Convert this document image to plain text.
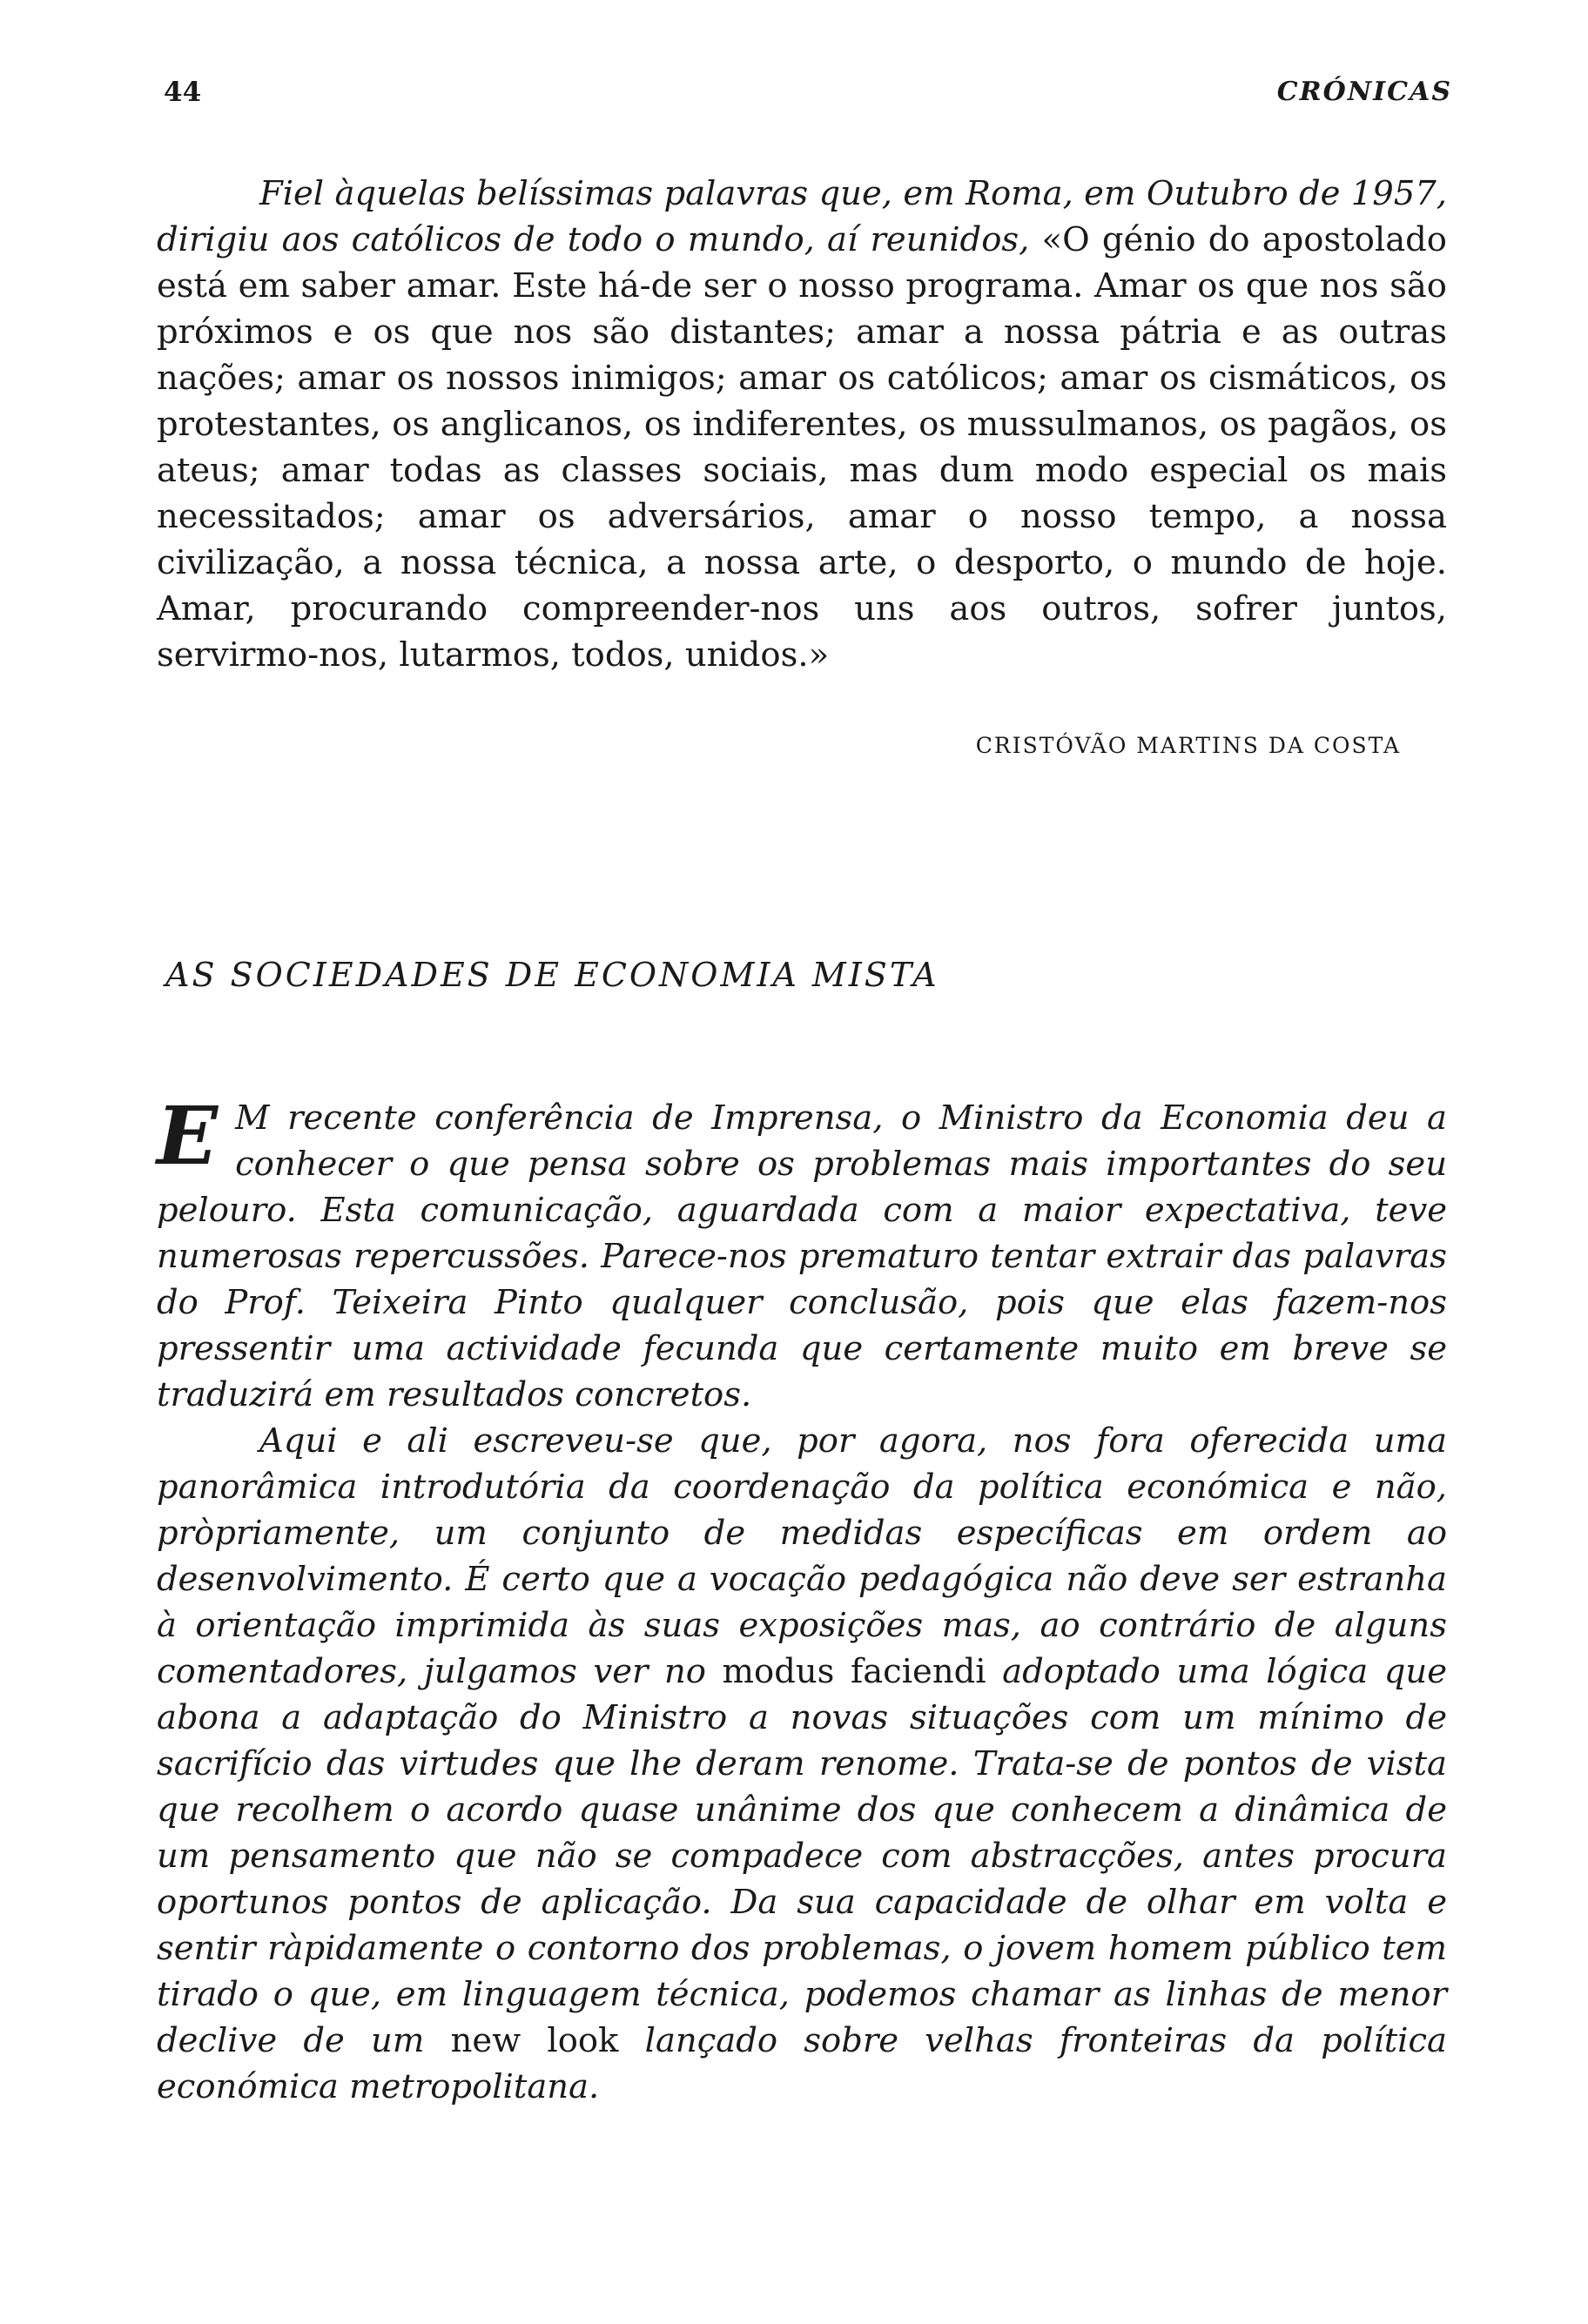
44	CRÓNICAS

Fiel àquelas belíssimas palavras que, em Roma, em Outubro de 1957, dirigiu aos católicos de todo o mundo, aí reunidos, «O génio do apostolado está em saber amar. Este há-de ser o nosso programa. Amar os que nos são próximos e os que nos são distantes; amar a nossa pátria e as outras nações; amar os nossos inimigos; amar os católicos; amar os cismáticos, os protestantes, os anglicanos, os indiferentes, os mussulmanos, os pagãos, os ateus; amar todas as classes sociais, mas dum modo especial os mais necessitados; amar os adversários, amar o nosso tempo, a nossa civilização, a nossa técnica, a nossa arte, o desporto, o mundo de hoje. Amar, procurando compreender-nos uns aos outros, sofrer juntos, servirmo-nos, lutarmos, todos, unidos.»

CRISTÓVÃO MARTINS DA COSTA
AS SOCIEDADES DE ECONOMIA MISTA

E M recente conferência de Imprensa, o Ministro da Economia deu a conhecer o que pensa sobre os problemas mais importantes do seu pelouro. Esta comunicação, aguardada com a maior expectativa, teve numerosas repercussões. Parece-nos prematuro tentar extrair das palavras do Prof. Teixeira Pinto qualquer conclusão, pois que elas fazem-nos pressentir uma actividade fecunda que certamente muito em breve se traduzirá em resultados concretos.

Aqui e ali escreveu-se que, por agora, nos fora oferecida uma panorâmica introdutória da coordenação da política económica e não, pròpriamente, um conjunto de medidas específicas em ordem ao desenvolvimento. É certo que a vocação pedagógica não deve ser estranha à orientação imprimida às suas exposições mas, ao contrário de alguns comentadores, julgamos ver no modus faciendi adoptado uma lógica que abona a adaptação do Ministro a novas situações com um mínimo de sacrifício das virtudes que lhe deram renome. Trata-se de pontos de vista que recolhem o acordo quase unânime dos que conhecem a dinâmica de um pensamento que não se compadece com abstracções, antes procura oportunos pontos de aplicação. Da sua capacidade de olhar em volta e sentir ràpidamente o contorno dos problemas, o jovem homem público tem tirado o que, em linguagem técnica, podemos chamar as linhas de menor declive de um new look lançado sobre velhas fronteiras da política económica metropolitana.
